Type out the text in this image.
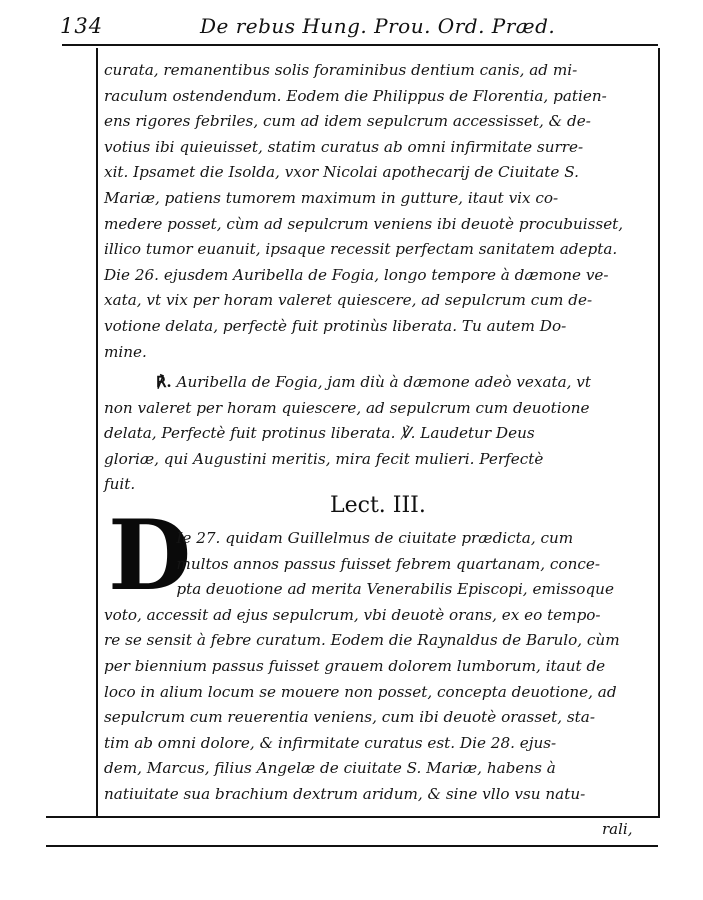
134	De rebus Hung. Prou. Ord. Præd.
curata, remanentibus solis foraminibus dentium canis, ad mi-
raculum ostendendum. Eodem die Philippus de Florentia, patien-
ens rigores febriles, cum ad idem sepulcrum accessisset, & de-
votius ibi quieuisset, statim curatus ab omni infirmitate surre-
xit. Ipsamet die Isolda, vxor Nicolai apothecarij de Ciuitate S.
Mariæ, patiens tumorem maximum in gutture, itaut vix co-
medere posset, cùm ad sepulcrum veniens ibi deuotè procubuisset,
illico tumor euanuit, ipsaque recessit perfectam sanitatem adepta.
Die 26. ejusdem Auribella de Fogia, longo tempore à dæmone ve-
xata, vt vix per horam valeret quiescere, ad sepulcrum cum de-
votione delata, perfectè fuit protinùs liberata. Tu autem Do-
mine.
℟. Auribella de Fogia, jam diù à dæmone adeò vexata, vt
non valeret per horam quiescere, ad sepulcrum cum deuotione
delata, Perfectè fuit protinus liberata. ℣. Laudetur Deus
gloriæ, qui Augustini meritis, mira fecit mulieri. Perfectè
fuit.
Lect. III.
D
Ie 27. quidam Guillelmus de ciuitate prædicta, cum
multos annos passus fuisset febrem quartanam, conce-
pta deuotione ad merita Venerabilis Episcopi, emissoque
voto, accessit ad ejus sepulcrum, vbi deuotè orans, ex eo tempo-
re se sensit à febre curatum. Eodem die Raynaldus de Barulo, cùm
per biennium passus fuisset grauem dolorem lumborum, itaut de
loco in alium locum se mouere non posset, concepta deuotione, ad
sepulcrum cum reuerentia veniens, cum ibi deuotè orasset, sta-
tim ab omni dolore, & infirmitate curatus est. Die 28. ejus-
dem, Marcus, filius Angelæ de ciuitate S. Mariæ, habens à
natiuitate sua brachium dextrum aridum, & sine vllo vsu natu-
rali,
